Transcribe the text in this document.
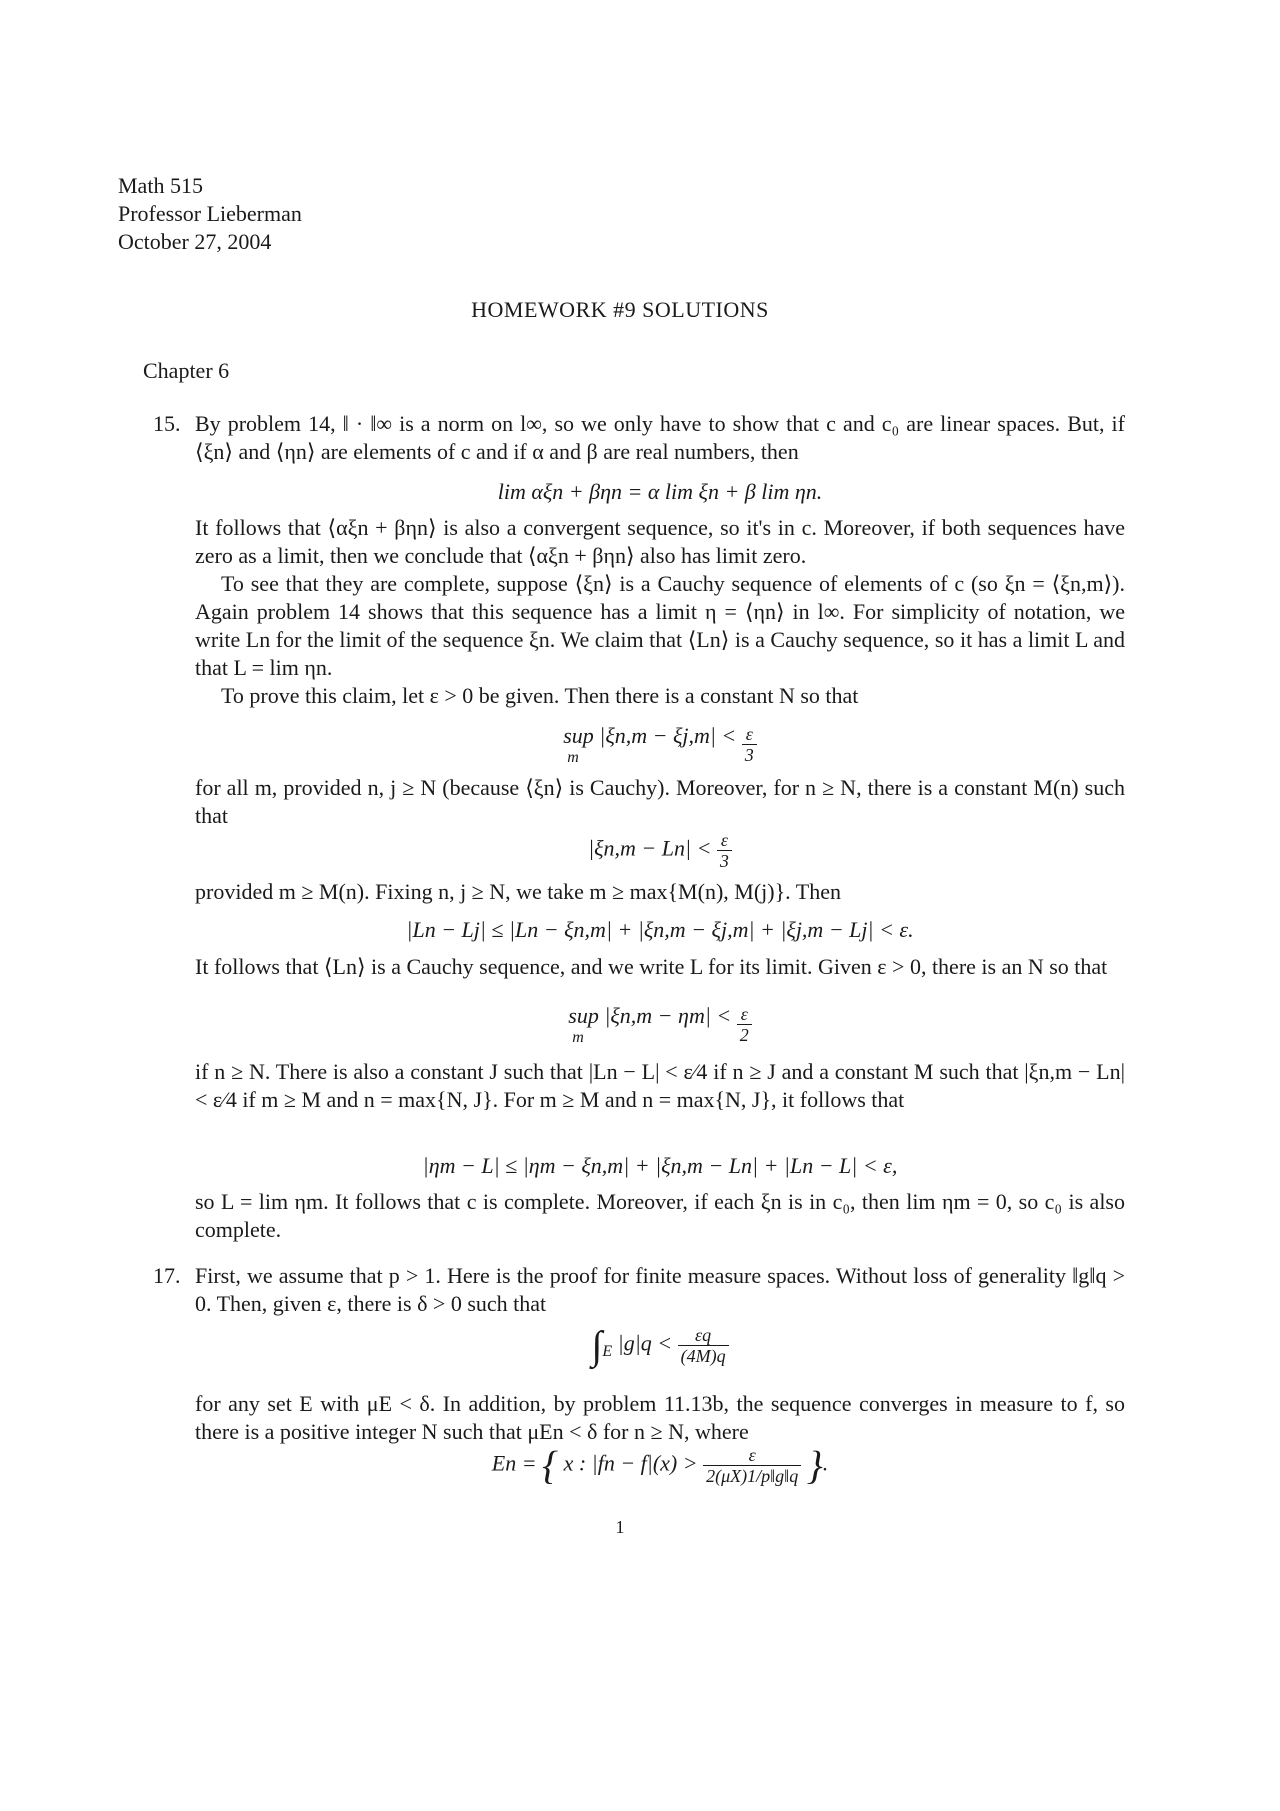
Math 515
Professor Lieberman
October 27, 2004
HOMEWORK #9 SOLUTIONS
Chapter 6
15. By problem 14, ‖ · ‖∞ is a norm on l∞, so we only have to show that c and c₀ are linear spaces. But, if ⟨ξn⟩ and ⟨ηn⟩ are elements of c and if α and β are real numbers, then

lim αξn + βηn = α lim ξn + β lim ηn.

It follows that ⟨αξn + βηn⟩ is also a convergent sequence, so it's in c. Moreover, if both sequences have zero as a limit, then we conclude that ⟨αξn + βηn⟩ also has limit zero.

To see that they are complete, suppose ⟨ξn⟩ is a Cauchy sequence of elements of c (so ξn = ⟨ξn,m⟩). Again problem 14 shows that this sequence has a limit η = ⟨ηn⟩ in l∞. For simplicity of notation, we write Ln for the limit of the sequence ξn. We claim that ⟨Ln⟩ is a Cauchy sequence, so it has a limit L and that L = lim ηn.

To prove this claim, let ε > 0 be given. Then there is a constant N so that

sup |ξn,m − ξj,m| <
m
	$\frac{\varepsilon}{3}$

for all m, provided n, j ≥ N (because ⟨ξn⟩ is Cauchy). Moreover, for n ≥ N, there is a constant M(n) such that

$|\xi n,m - Ln| < \frac{\varepsilon}{3}$

provided m ≥ M(n). Fixing n, j ≥ N, we take m ≥ max{M(n), M(j)}. Then

|Ln − Lj| ≤ |Ln − ξn,m| + |ξn,m − ξj,m| + |ξj,m − Lj| < ε.

It follows that ⟨Ln⟩ is a Cauchy sequence, and we write L for its limit. Given ε > 0, there is an N so that

sup |ξn,m − ηm| <
m
	$\frac{\varepsilon}{2}$

if n ≥ N. There is also a constant J such that |Ln − L| < ε⁄4 if n ≥ J and a constant M such that |ξn,m − Ln| < ε⁄4 if m ≥ M and n = max{N, J}. For m ≥ M and n = max{N, J}, it follows that

|ηm − L| ≤ |ηm − ξn,m| + |ξn,m − Ln| + |Ln − L| < ε,

so L = lim ηm. It follows that c is complete. Moreover, if each ξn is in c₀, then lim ηm = 0, so c₀ is also complete.

17. First, we assume that p > 1. Here is the proof for finite measure spaces. Without loss of generality ‖g‖q > 0. Then, given ε, there is δ > 0 such that

$\int_E$ $|g|q < \frac{\varepsilon q}{(4M)q}$

for any set E with μE < δ. In addition, by problem 11.13b, the sequence converges in measure to f, so there is a positive integer N such that μEn < δ for n ≥ N, where

En = { x : $|fn - f|(x) > \frac{\varepsilon}{2(\mu X)1/p‖g‖q}$ }.
1
